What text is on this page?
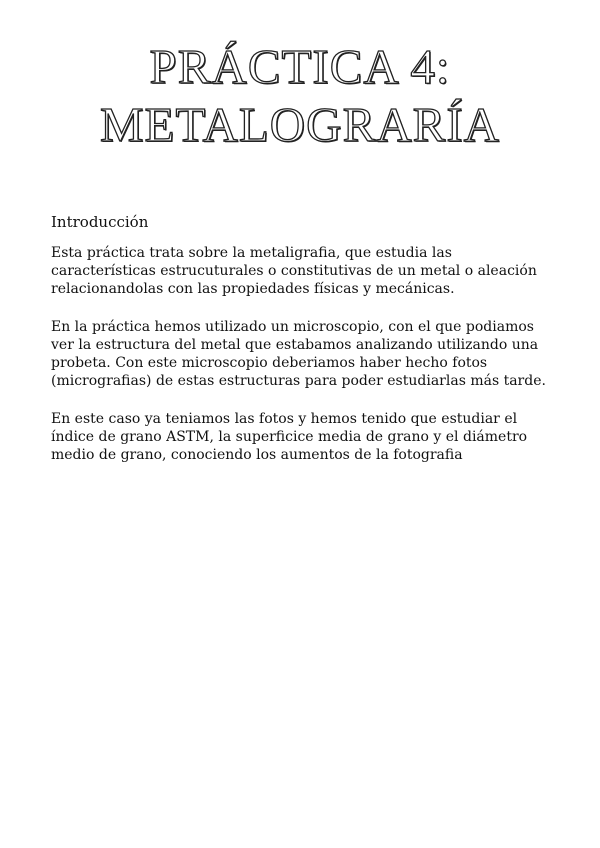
PRÁCTICA 4:
METALOGRARÍA
Introducción

Esta práctica trata sobre la metaligrafia, que estudia las características estrucuturales o constitutivas de un metal o aleación relacionandolas con las propiedades físicas y mecánicas.

En la práctica hemos utilizado un microscopio, con el que podiamos ver la estructura del metal que estabamos analizando utilizando una probeta. Con este microscopio deberiamos haber hecho fotos (micrografias) de estas estructuras para poder estudiarlas más tarde.

En este caso ya teniamos las fotos y hemos tenido que estudiar el índice de grano ASTM, la superficice media de grano y el diámetro medio de grano, conociendo los aumentos de la fotografia
